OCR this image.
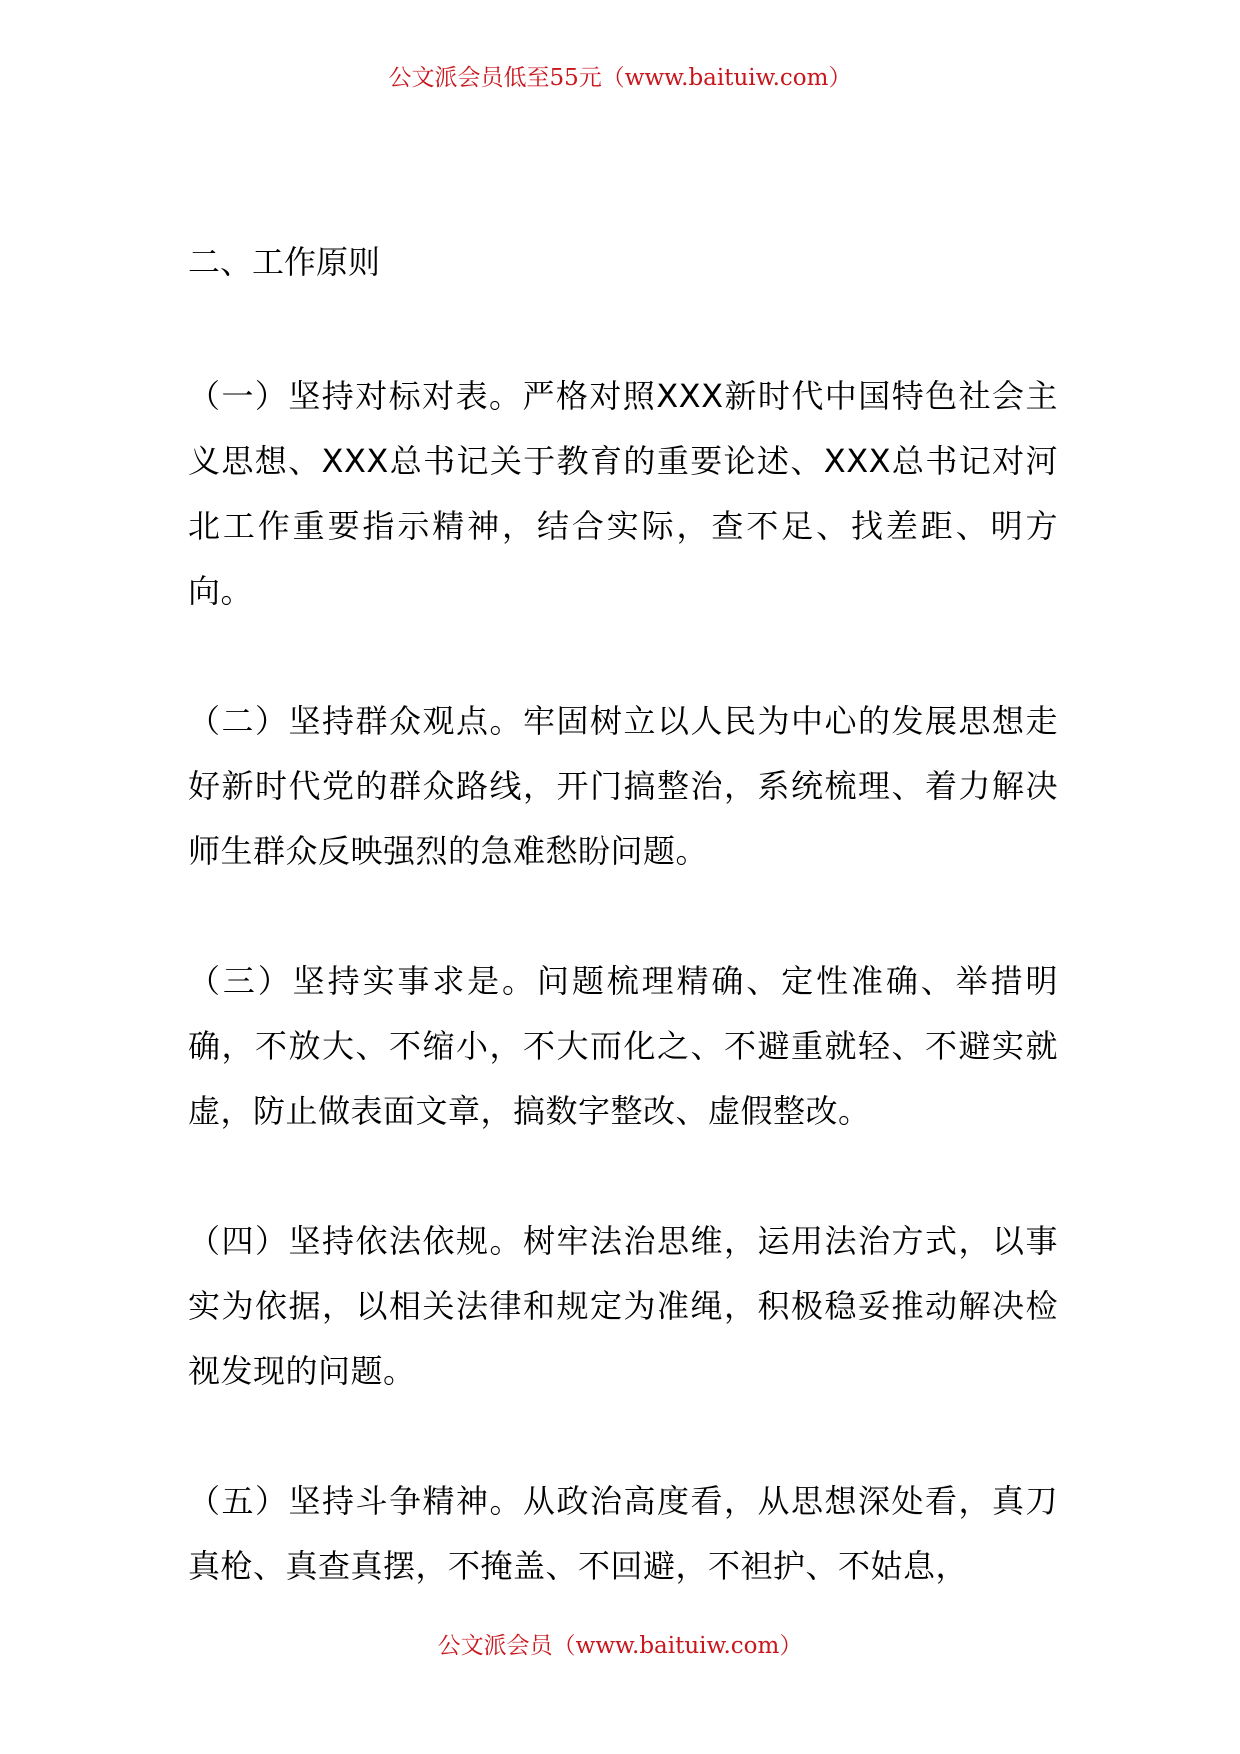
公文派会员低至55元（www.baituiw.com）
二、工作原则

（一）坚持对标对表。严格对照XXX新时代中国特色社会主义思想、XXX总书记关于教育的重要论述、XXX总书记对河北工作重要指示精神，结合实际，查不足、找差距、明方向。

（二）坚持群众观点。牢固树立以人民为中心的发展思想走好新时代党的群众路线，开门搞整治，系统梳理、着力解决师生群众反映强烈的急难愁盼问题。

（三）坚持实事求是。问题梳理精确、定性准确、举措明确，不放大、不缩小，不大而化之、不避重就轻、不避实就虚，防止做表面文章，搞数字整改、虚假整改。

（四）坚持依法依规。树牢法治思维，运用法治方式，以事实为依据，以相关法律和规定为准绳，积极稳妥推动解决检视发现的问题。

（五）坚持斗争精神。从政治高度看，从思想深处看，真刀真枪、真查真摆，不掩盖、不回避，不袒护、不姑息，

公文派会员（www.baituiw.com）
